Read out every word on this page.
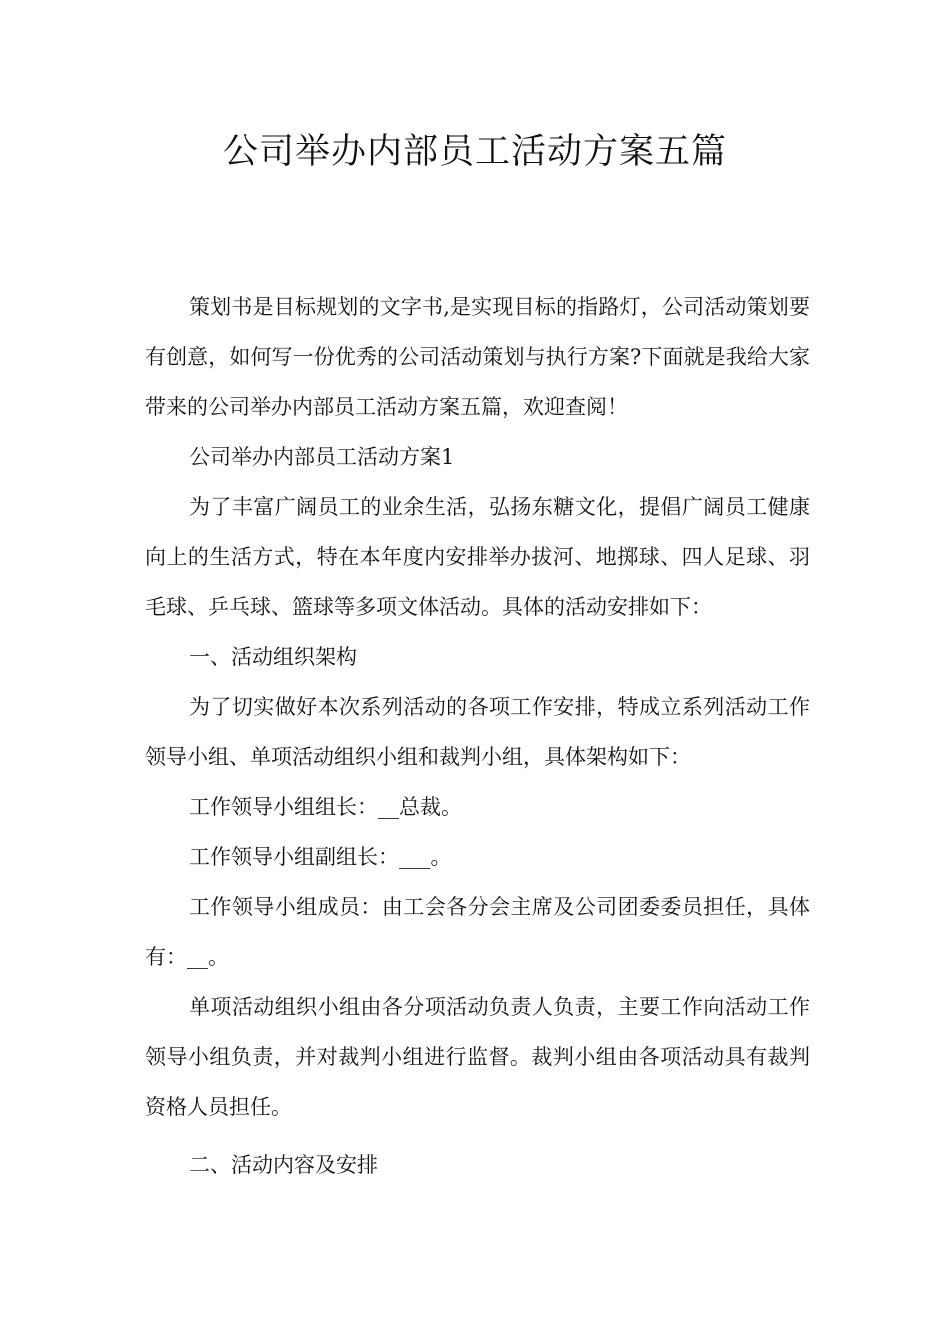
公司举办内部员工活动方案五篇

策划书是目标规划的文字书,是实现目标的指路灯，公司活动策划要有创意，如何写一份优秀的公司活动策划与执行方案?下面就是我给大家带来的公司举办内部员工活动方案五篇，欢迎查阅！

公司举办内部员工活动方案1

为了丰富广阔员工的业余生活，弘扬东糖文化，提倡广阔员工健康向上的生活方式，特在本年度内安排举办拔河、地掷球、四人足球、羽毛球、乒乓球、篮球等多项文体活动。具体的活动安排如下：

一、活动组织架构

为了切实做好本次系列活动的各项工作安排，特成立系列活动工作领导小组、单项活动组织小组和裁判小组，具体架构如下：

工作领导小组组长：__总裁。

工作领导小组副组长：___。

工作领导小组成员：由工会各分会主席及公司团委委员担任，具体有：__。

单项活动组织小组由各分项活动负责人负责，主要工作向活动工作领导小组负责，并对裁判小组进行监督。裁判小组由各项活动具有裁判资格人员担任。

二、活动内容及安排
